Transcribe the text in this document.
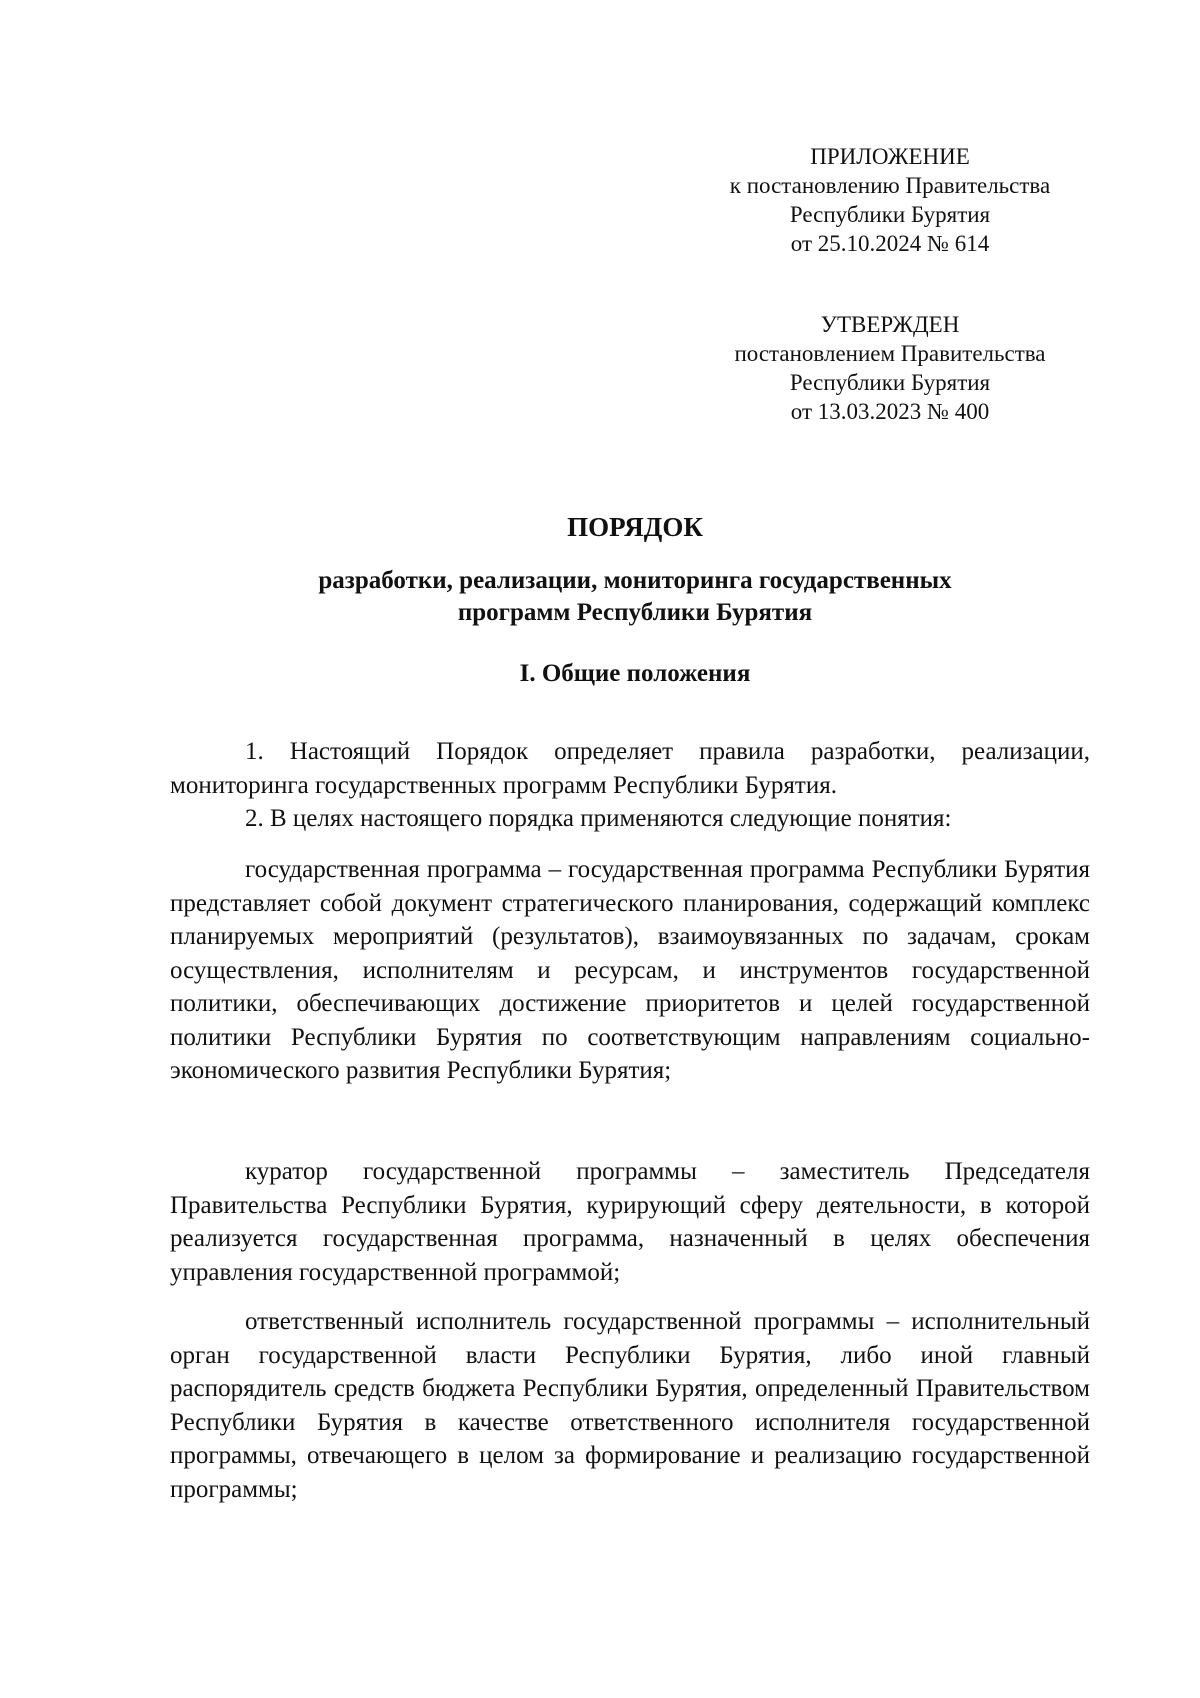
ПРИЛОЖЕНИЕ
к постановлению Правительства
Республики Бурятия
от 25.10.2024 № 614
УТВЕРЖДЕН
постановлением Правительства
Республики Бурятия
от 13.03.2023 № 400
ПОРЯДОК
разработки, реализации, мониторинга государственных
программ Республики Бурятия
I. Общие положения

1. Настоящий Порядок определяет правила разработки, реализации, мониторинга государственных программ Республики Бурятия.

2. В целях настоящего порядка применяются следующие понятия:

государственная программа – государственная программа Республики Бурятия представляет собой документ стратегического планирования, содержащий комплекс планируемых мероприятий (результатов), взаимоувязанных по задачам, срокам осуществления, исполнителям и ресурсам, и инструментов государственной политики, обеспечивающих достижение приоритетов и целей государственной политики Республики Бурятия по соответствующим направлениям социально-экономического развития Республики Бурятия;

куратор государственной программы – заместитель Председателя Правительства Республики Бурятия, курирующий сферу деятельности, в которой реализуется государственная программа, назначенный в целях обеспечения управления государственной программой;

ответственный исполнитель государственной программы – исполнительный орган государственной власти Республики Бурятия, либо иной главный распорядитель средств бюджета Республики Бурятия, определенный Правительством Республики Бурятия в качестве ответственного исполнителя государственной программы, отвечающего в целом за формирование и реализацию государственной программы;
